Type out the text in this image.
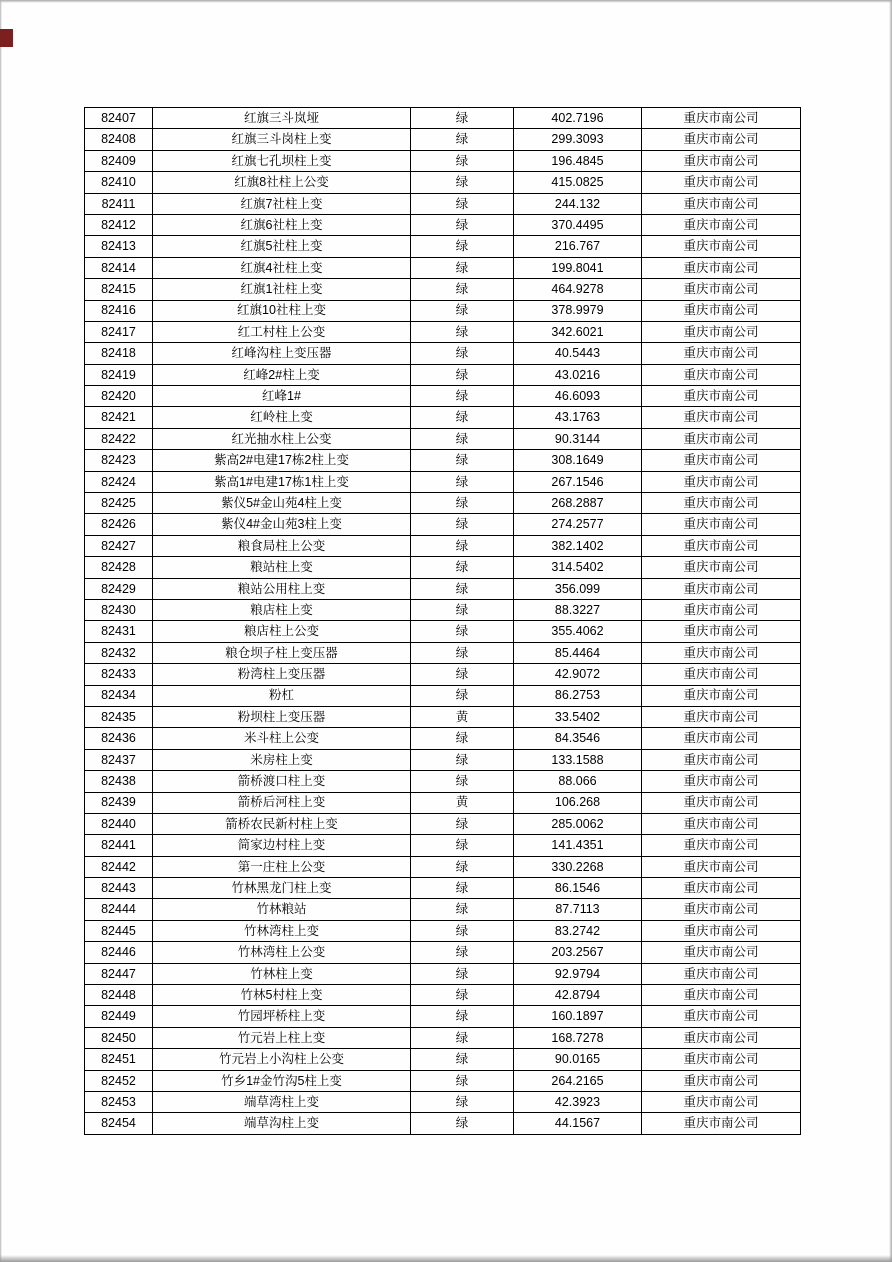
82407	红旗三斗岚垭	绿	402.7196	重庆市南公司
82408	红旗三斗岗柱上变	绿	299.3093	重庆市南公司
82409	红旗七孔坝柱上变	绿	196.4845	重庆市南公司
82410	红旗8社柱上公变	绿	415.0825	重庆市南公司
82411	红旗7社柱上变	绿	244.132	重庆市南公司
82412	红旗6社柱上变	绿	370.4495	重庆市南公司
82413	红旗5社柱上变	绿	216.767	重庆市南公司
82414	红旗4社柱上变	绿	199.8041	重庆市南公司
82415	红旗1社柱上变	绿	464.9278	重庆市南公司
82416	红旗10社柱上变	绿	378.9979	重庆市南公司
82417	红工村柱上公变	绿	342.6021	重庆市南公司
82418	红峰沟柱上变压器	绿	40.5443	重庆市南公司
82419	红峰2#柱上变	绿	43.0216	重庆市南公司
82420	红峰1#	绿	46.6093	重庆市南公司
82421	红岭柱上变	绿	43.1763	重庆市南公司
82422	红光抽水柱上公变	绿	90.3144	重庆市南公司
82423	紫高2#电建17栋2柱上变	绿	308.1649	重庆市南公司
82424	紫高1#电建17栋1柱上变	绿	267.1546	重庆市南公司
82425	紫仪5#金山苑4柱上变	绿	268.2887	重庆市南公司
82426	紫仪4#金山苑3柱上变	绿	274.2577	重庆市南公司
82427	粮食局柱上公变	绿	382.1402	重庆市南公司
82428	粮站柱上变	绿	314.5402	重庆市南公司
82429	粮站公用柱上变	绿	356.099	重庆市南公司
82430	粮店柱上变	绿	88.3227	重庆市南公司
82431	粮店柱上公变	绿	355.4062	重庆市南公司
82432	粮仓坝子柱上变压器	绿	85.4464	重庆市南公司
82433	粉湾柱上变压器	绿	42.9072	重庆市南公司
82434	粉杠	绿	86.2753	重庆市南公司
82435	粉坝柱上变压器	黄	33.5402	重庆市南公司
82436	米斗柱上公变	绿	84.3546	重庆市南公司
82437	米房柱上变	绿	133.1588	重庆市南公司
82438	箭桥渡口柱上变	绿	88.066	重庆市南公司
82439	箭桥后河柱上变	黄	106.268	重庆市南公司
82440	箭桥农民新村柱上变	绿	285.0062	重庆市南公司
82441	简家边村柱上变	绿	141.4351	重庆市南公司
82442	第一庄柱上公变	绿	330.2268	重庆市南公司
82443	竹林黑龙门柱上变	绿	86.1546	重庆市南公司
82444	竹林粮站	绿	87.7113	重庆市南公司
82445	竹林湾柱上变	绿	83.2742	重庆市南公司
82446	竹林湾柱上公变	绿	203.2567	重庆市南公司
82447	竹林柱上变	绿	92.9794	重庆市南公司
82448	竹林5村柱上变	绿	42.8794	重庆市南公司
82449	竹园坪桥柱上变	绿	160.1897	重庆市南公司
82450	竹元岩上柱上变	绿	168.7278	重庆市南公司
82451	竹元岩上小沟柱上公变	绿	90.0165	重庆市南公司
82452	竹乡1#金竹沟5柱上变	绿	264.2165	重庆市南公司
82453	端草湾柱上变	绿	42.3923	重庆市南公司
82454	端草沟柱上变	绿	44.1567	重庆市南公司
